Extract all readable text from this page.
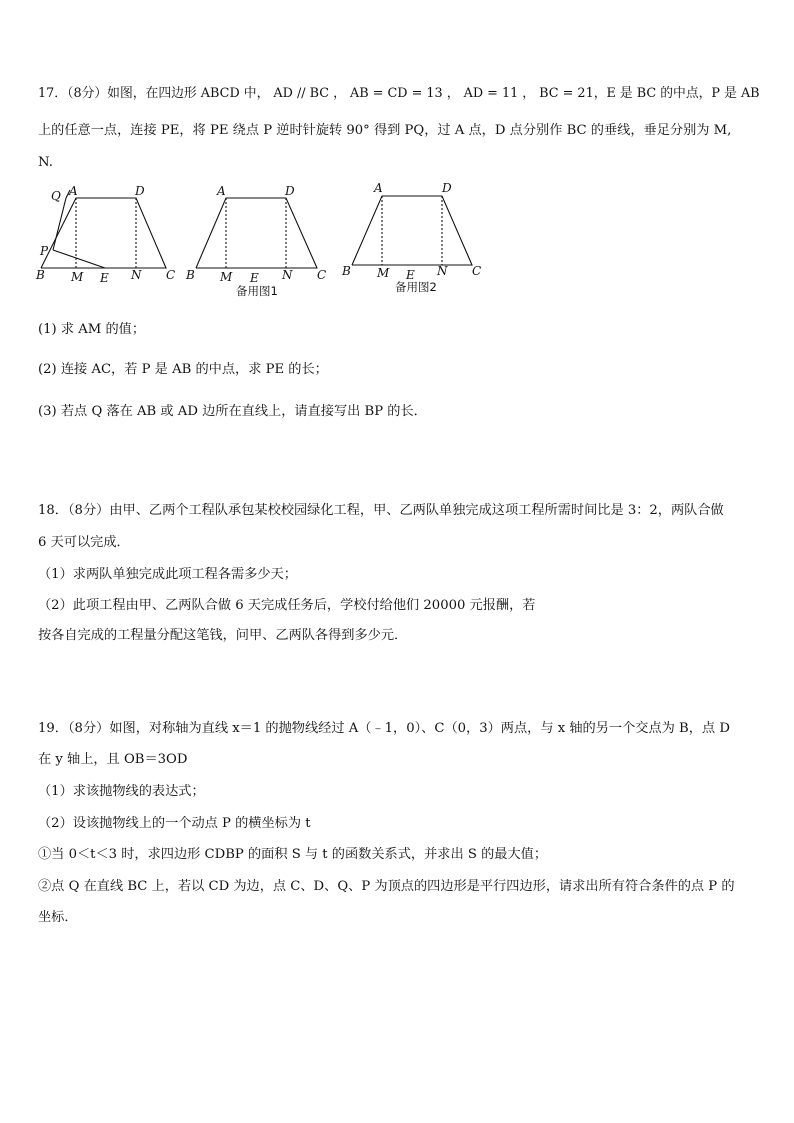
17．（8分）如图，在四边形 ABCD 中， AD // BC ， AB = CD = 13 ， AD = 11 ， BC = 21，E 是 BC 的中点，P 是 AB
上的任意一点，连接 PE，将 PE 绕点 P 逆时针旋转 90° 得到 PQ，过 A 点，D 点分别作 BC 的垂线，垂足分别为 M,
N.
Q A	D
P
B M E N C
A	D
B M E N C
备用图1
A	D
B M E N C
备用图2
(1) 求 AM 的值；
(2) 连接 AC，若 P 是 AB 的中点，求 PE 的长；
(3) 若点 Q 落在 AB 或 AD 边所在直线上，请直接写出 BP 的长．
18．（8分）由甲、乙两个工程队承包某校校园绿化工程，甲、乙两队单独完成这项工程所需时间比是 3：2，两队合做
6 天可以完成．
（1）求两队单独完成此项工程各需多少天；
（2）此项工程由甲、乙两队合做 6 天完成任务后，学校付给他们 20000 元报酬，若
按各自完成的工程量分配这笔钱，问甲、乙两队各得到多少元．
19．（8分）如图，对称轴为直线 x＝1 的抛物线经过 A（﹣1，0）、C（0，3）两点，与 x 轴的另一个交点为 B，点 D
在 y 轴上，且 OB＝3OD
（1）求该抛物线的表达式；
（2）设该抛物线上的一个动点 P 的横坐标为 t
①当 0＜t＜3 时，求四边形 CDBP 的面积 S 与 t 的函数关系式，并求出 S 的最大值；
②点 Q 在直线 BC 上，若以 CD 为边，点 C、D、Q、P 为顶点的四边形是平行四边形，请求出所有符合条件的点 P 的
坐标．
